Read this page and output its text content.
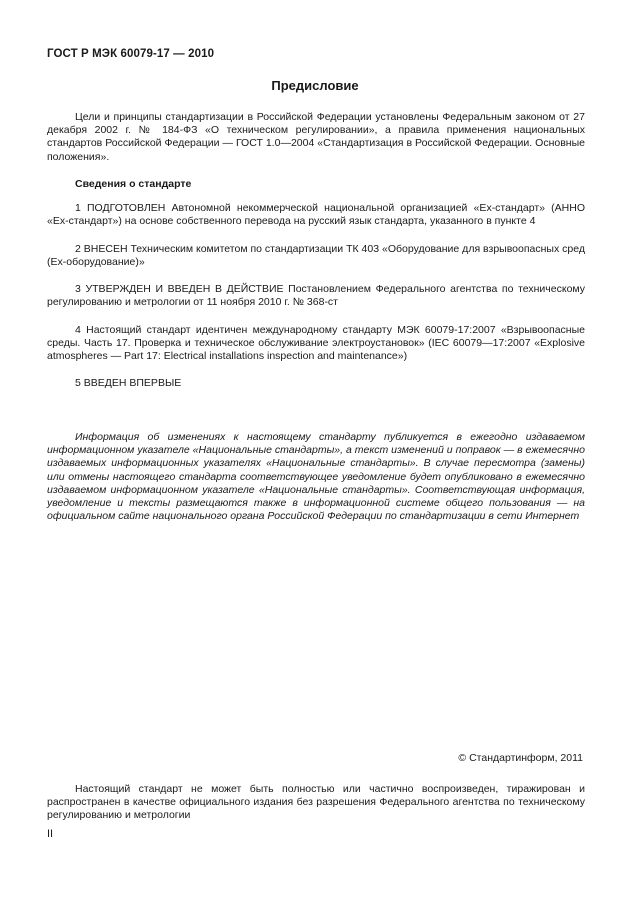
ГОСТ Р МЭК 60079-17 — 2010
Предисловие
Цели и принципы стандартизации в Российской Федерации установлены Федеральным законом от 27 декабря 2002 г. № 184-ФЗ «О техническом регулировании», а правила применения национальных стандартов Российской Федерации — ГОСТ 1.0—2004 «Стандартизация в Российской Федерации. Основные положения».
Сведения о стандарте
1 ПОДГОТОВЛЕН Автономной некоммерческой национальной организацией «Ех-стандарт» (АННО «Ех-стандарт») на основе собственного перевода на русский язык стандарта, указанного в пункте 4
2 ВНЕСЕН Техническим комитетом по стандартизации ТК 403 «Оборудование для взрывоопасных сред (Ех-оборудование)»
3 УТВЕРЖДЕН И ВВЕДЕН В ДЕЙСТВИЕ Постановлением Федерального агентства по техническому регулированию и метрологии от 11 ноября 2010 г. № 368-ст
4 Настоящий стандарт идентичен международному стандарту МЭК 60079-17:2007 «Взрывоопасные среды. Часть 17. Проверка и техническое обслуживание электроустановок» (IEC 60079—17:2007 «Explosive atmospheres — Part 17: Electrical installations inspection and maintenance»)
5 ВВЕДЕН ВПЕРВЫЕ
Информация об изменениях к настоящему стандарту публикуется в ежегодно издаваемом информационном указателе «Национальные стандарты», а текст изменений и поправок — в ежемесячно издаваемых информационных указателях «Национальные стандарты». В случае пересмотра (замены) или отмены настоящего стандарта соответствующее уведомление будет опубликовано в ежемесячно издаваемом информационном указателе «Национальные стандарты». Соответствующая информация, уведомление и тексты размещаются также в информационной системе общего пользования — на официальном сайте национального органа Российской Федерации по стандартизации в сети Интернет
© Стандартинформ, 2011
Настоящий стандарт не может быть полностью или частично воспроизведен, тиражирован и распространен в качестве официального издания без разрешения Федерального агентства по техническому регулированию и метрологии
II
